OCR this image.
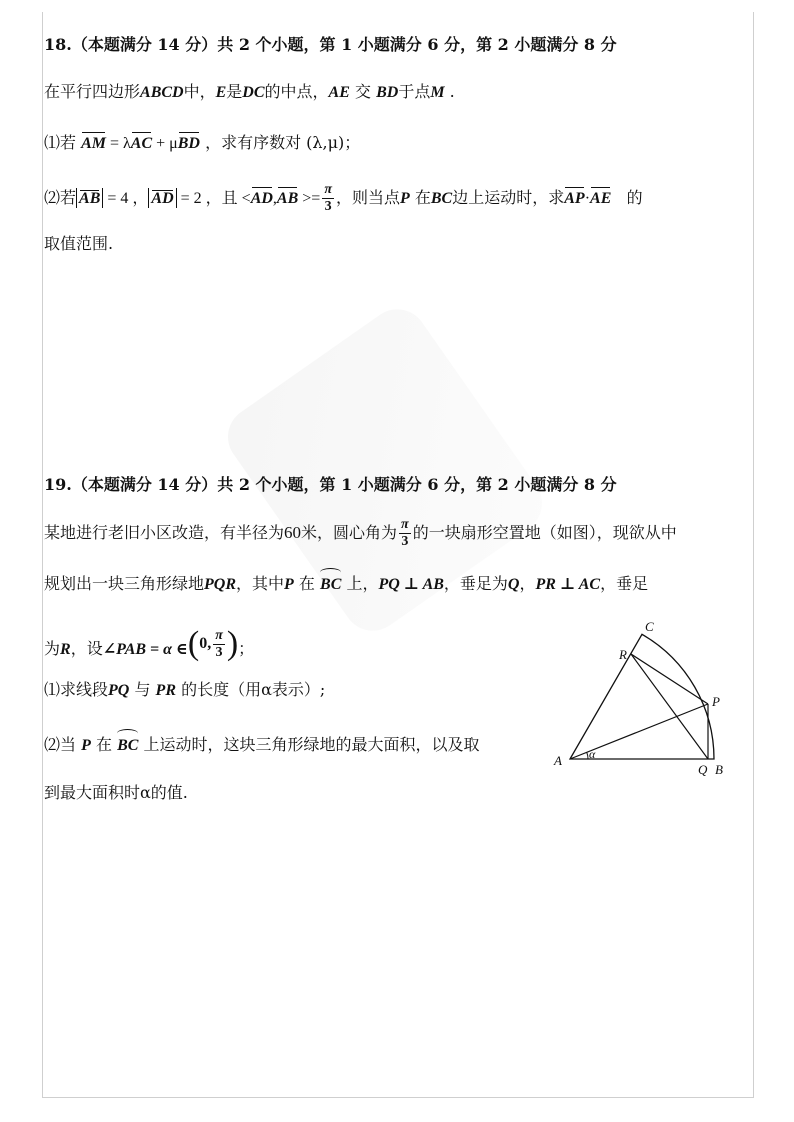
18.（本题满分 14 分）共 2 个小题，第 1 小题满分 6 分，第 2 小题满分 8 分
在平行四边形ABCD中，E是DC的中点，AE 交 BD于点M .
⑴若 AM = λAC + μBD ，求有序数对 (λ,μ)；
⑵若 AB = 4 ， AD = 2 ，且 $<AD,AB >= \frac{\pi}{3}$ ，则当点P 在BC边上运动时，求AP·AE 的
取值范围.
19.（本题满分 14 分）共 2 个小题，第 1 小题满分 6 分，第 2 小题满分 8 分
某地进行老旧小区改造，有半径为60米，圆心角为 $\frac{\pi}{3}$ 的一块扇形空置地（如图），现欲从中
规划出一块三角形绿地PQR，其中P 在 BC 上，PQ ⊥ AB，垂足为Q，PR ⊥ AC，垂足
为R，设∠PAB = α ∈ ( 0, $\frac{\pi}{3}$ ) ；
⑴求线段PQ 与 PR 的长度（用α表示）;
⑵当 P 在 BC 上运动时，这块三角形绿地的最大面积，以及取
到最大面积时α的值.
C
R
P
A α
Q B
